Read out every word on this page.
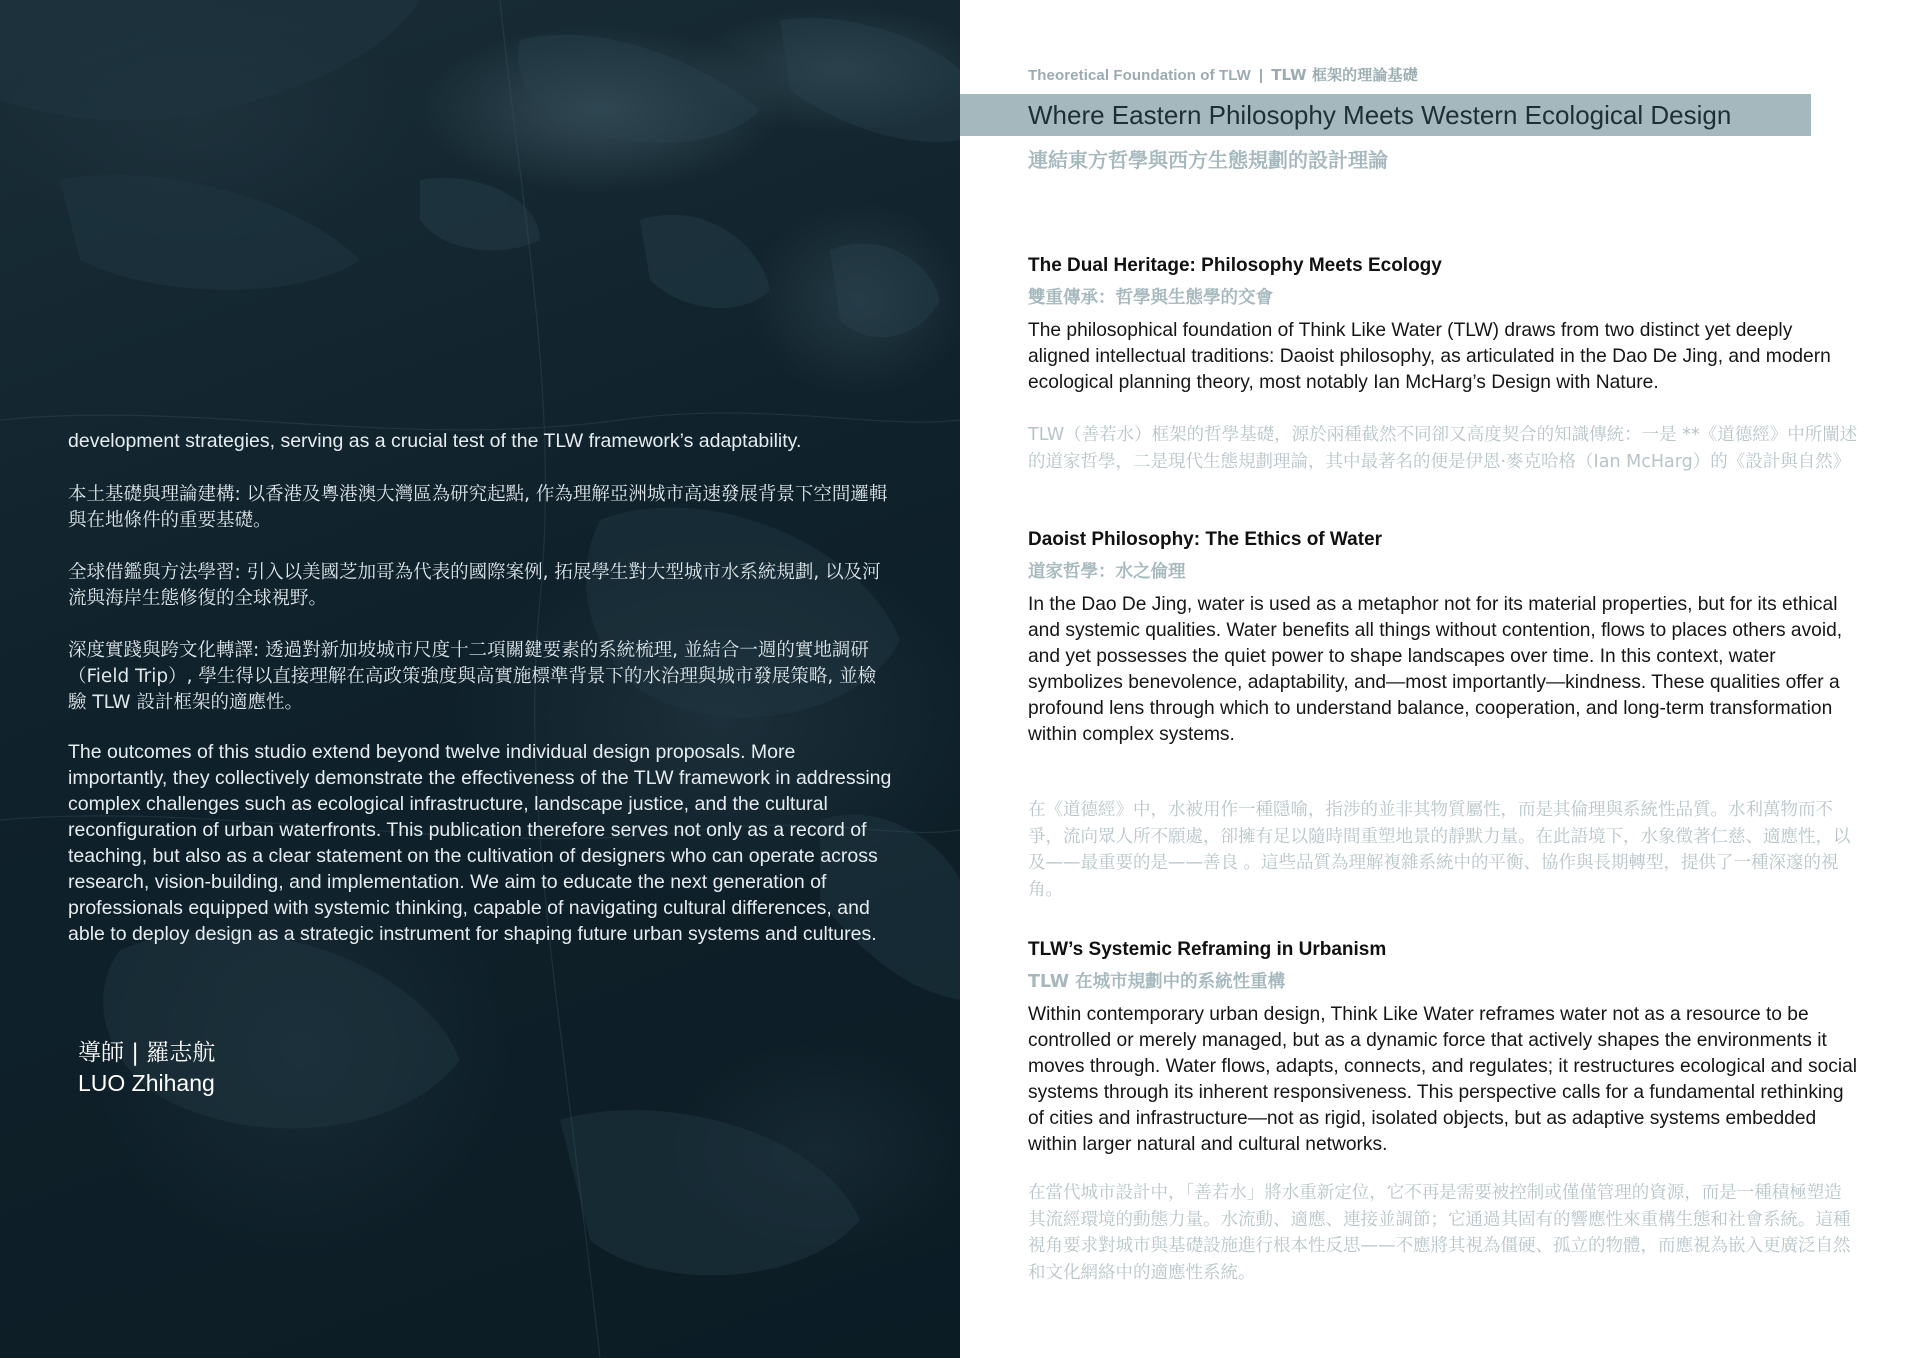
development strategies, serving as a crucial test of the TLW framework’s adaptability.

本土基礎與理論建構: 以香港及粵港澳大灣區為研究起點, 作為理解亞洲城市高速發展背景下空間邏輯與在地條件的重要基礎。

全球借鑑與方法學習: 引入以美國芝加哥為代表的國際案例, 拓展學生對大型城市水系統規劃, 以及河流與海岸生態修復的全球視野。

深度實踐與跨文化轉譯: 透過對新加坡城市尺度十二項關鍵要素的系統梳理, 並結合一週的實地調研（Field Trip）, 學生得以直接理解在高政策強度與高實施標準背景下的水治理與城市發展策略, 並檢驗 TLW 設計框架的適應性。

The outcomes of this studio extend beyond twelve individual design proposals. More importantly, they collectively demonstrate the effectiveness of the TLW framework in addressing complex challenges such as ecological infrastructure, landscape justice, and the cultural reconfiguration of urban waterfronts. This publication therefore serves not only as a record of teaching, but also as a clear statement on the cultivation of designers who can operate across research, vision-building, and implementation. We aim to educate the next generation of professionals equipped with systemic thinking, capable of navigating cultural differences, and able to deploy design as a strategic instrument for shaping future urban systems and cultures.

導師 | 羅志航
LUO Zhihang
Theoretical Foundation of TLW | TLW 框架的理論基礎
Where Eastern Philosophy Meets Western Ecological Design
連結東方哲學與西方生態規劃的設計理論
The Dual Heritage: Philosophy Meets Ecology
雙重傳承：哲學與生態學的交會

The philosophical foundation of Think Like Water (TLW) draws from two distinct yet deeply aligned intellectual traditions: Daoist philosophy, as articulated in the Dao De Jing, and modern ecological planning theory, most notably Ian McHarg’s Design with Nature.

TLW（善若水）框架的哲學基礎，源於兩種截然不同卻又高度契合的知識傳統：一是 **《道德經》中所闡述的道家哲學，二是現代生態規劃理論，其中最著名的便是伊恩·麥克哈格（Ian McHarg）的《設計與自然》

Daoist Philosophy: The Ethics of Water
道家哲學：水之倫理

In the Dao De Jing, water is used as a metaphor not for its material properties, but for its ethical and systemic qualities. Water benefits all things without contention, flows to places others avoid, and yet possesses the quiet power to shape landscapes over time. In this context, water symbolizes benevolence, adaptability, and—most importantly—kindness. These qualities offer a profound lens through which to understand balance, cooperation, and long-term transformation within complex systems.

在《道德經》中，水被用作一種隱喻，指涉的並非其物質屬性，而是其倫理與系統性品質。水利萬物而不爭，流向眾人所不願處，卻擁有足以隨時間重塑地景的靜默力量。在此語境下，水象徵著仁慈、適應性，以及——最重要的是——善良 。這些品質為理解複雜系統中的平衡、協作與長期轉型，提供了一種深邃的視角。

TLW’s Systemic Reframing in Urbanism
TLW 在城市規劃中的系統性重構

Within contemporary urban design, Think Like Water reframes water not as a resource to be controlled or merely managed, but as a dynamic force that actively shapes the environments it moves through. Water flows, adapts, connects, and regulates; it restructures ecological and social systems through its inherent responsiveness. This perspective calls for a fundamental rethinking of cities and infrastructure—not as rigid, isolated objects, but as adaptive systems embedded within larger natural and cultural networks.

在當代城市設計中，「善若水」將水重新定位，它不再是需要被控制或僅僅管理的資源，而是一種積極塑造其流經環境的動態力量。水流動、適應、連接並調節；它通過其固有的響應性來重構生態和社會系統。這種視角要求對城市與基礎設施進行根本性反思——不應將其視為僵硬、孤立的物體，而應視為嵌入更廣泛自然和文化網絡中的適應性系統。
